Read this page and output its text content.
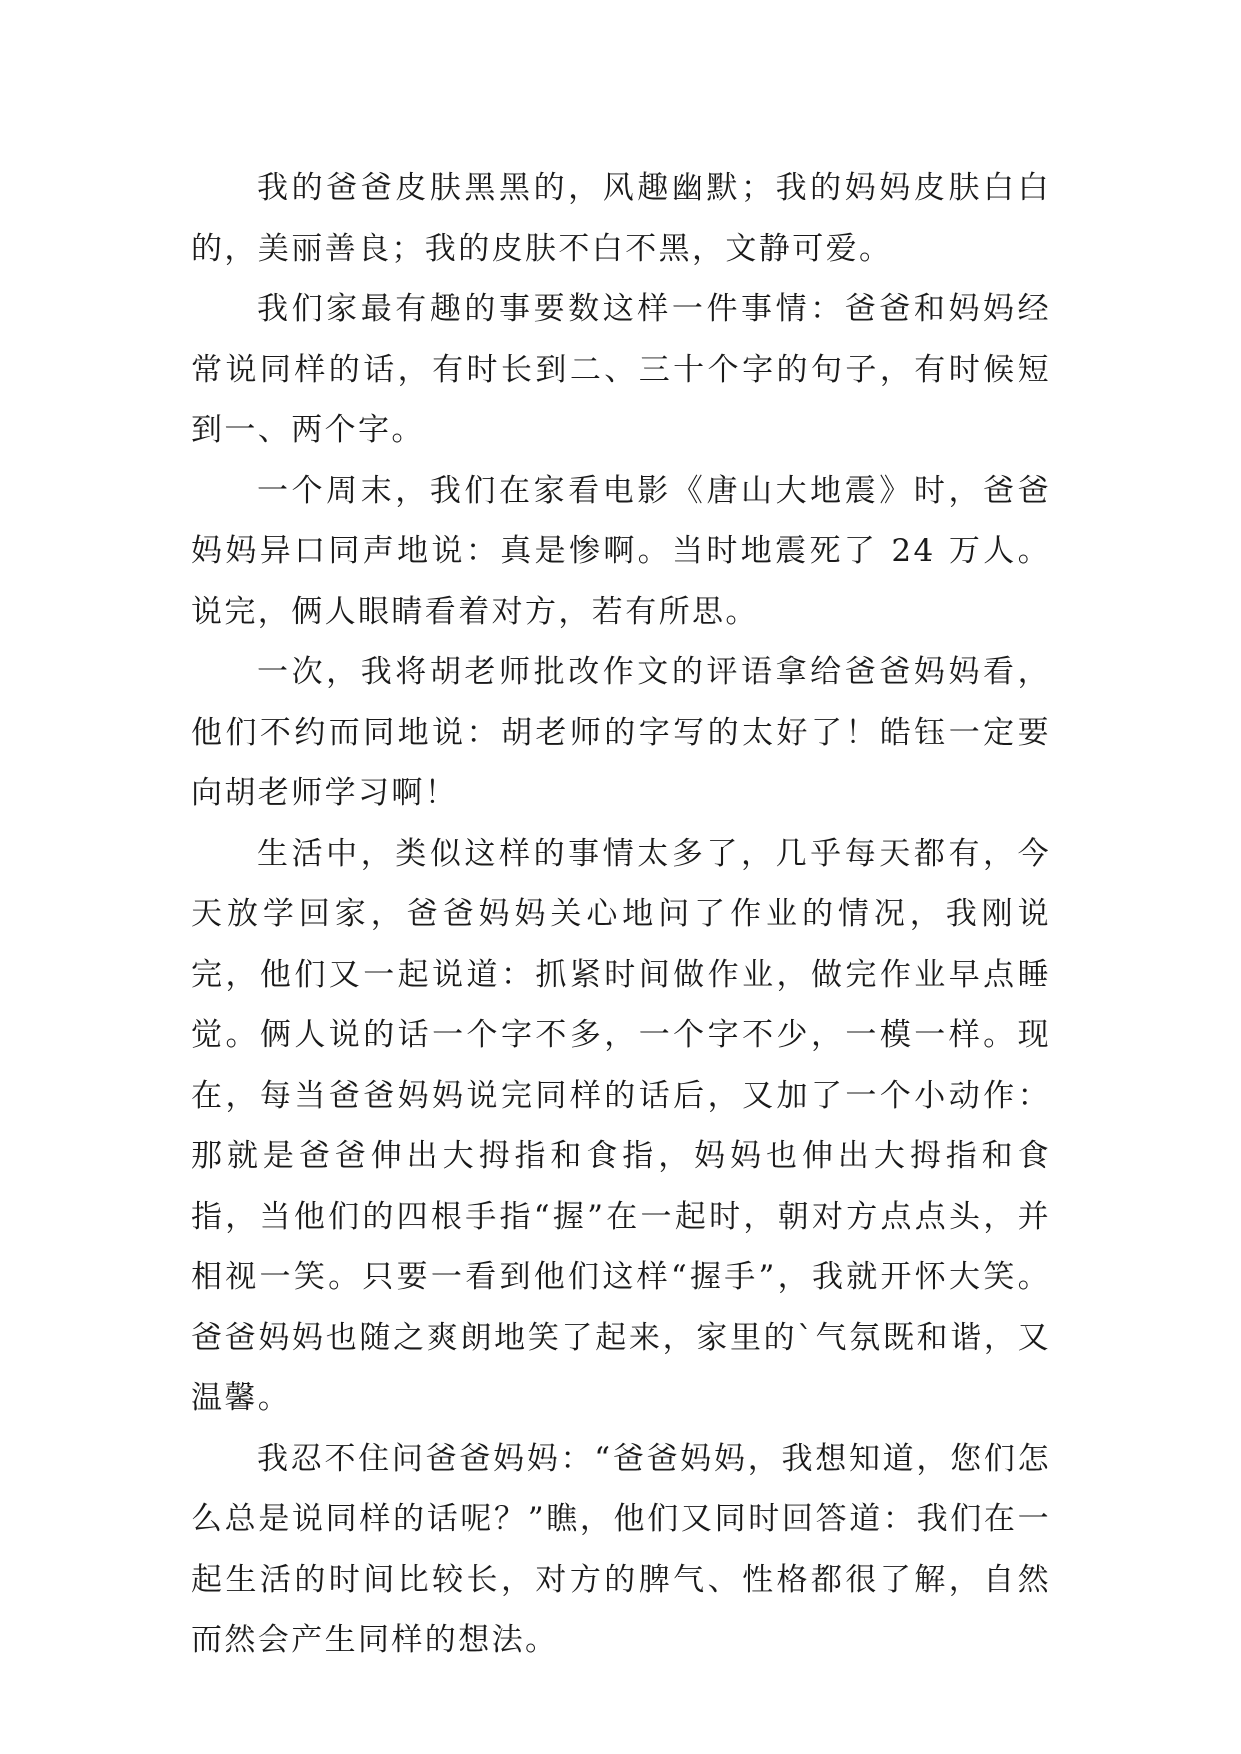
我的爸爸皮肤黑黑的，风趣幽默；我的妈妈皮肤白白的，美丽善良；我的皮肤不白不黑，文静可爱。

我们家最有趣的事要数这样一件事情：爸爸和妈妈经常说同样的话，有时长到二、三十个字的句子，有时候短到一、两个字。

一个周末，我们在家看电影《唐山大地震》时，爸爸妈妈异口同声地说：真是惨啊。当时地震死了 24 万人。说完，俩人眼睛看着对方，若有所思。

一次，我将胡老师批改作文的评语拿给爸爸妈妈看，他们不约而同地说：胡老师的字写的太好了！皓钰一定要向胡老师学习啊！

生活中，类似这样的事情太多了，几乎每天都有，今天放学回家，爸爸妈妈关心地问了作业的情况，我刚说完，他们又一起说道：抓紧时间做作业，做完作业早点睡觉。俩人说的话一个字不多，一个字不少，一模一样。现在，每当爸爸妈妈说完同样的话后，又加了一个小动作：那就是爸爸伸出大拇指和食指，妈妈也伸出大拇指和食指，当他们的四根手指“握”在一起时，朝对方点点头，并相视一笑。只要一看到他们这样“握手”，我就开怀大笑。爸爸妈妈也随之爽朗地笑了起来，家里的`气氛既和谐，又温馨。

我忍不住问爸爸妈妈：“爸爸妈妈，我想知道，您们怎么总是说同样的话呢？”瞧，他们又同时回答道：我们在一起生活的时间比较长，对方的脾气、性格都很了解，自然而然会产生同样的想法。
